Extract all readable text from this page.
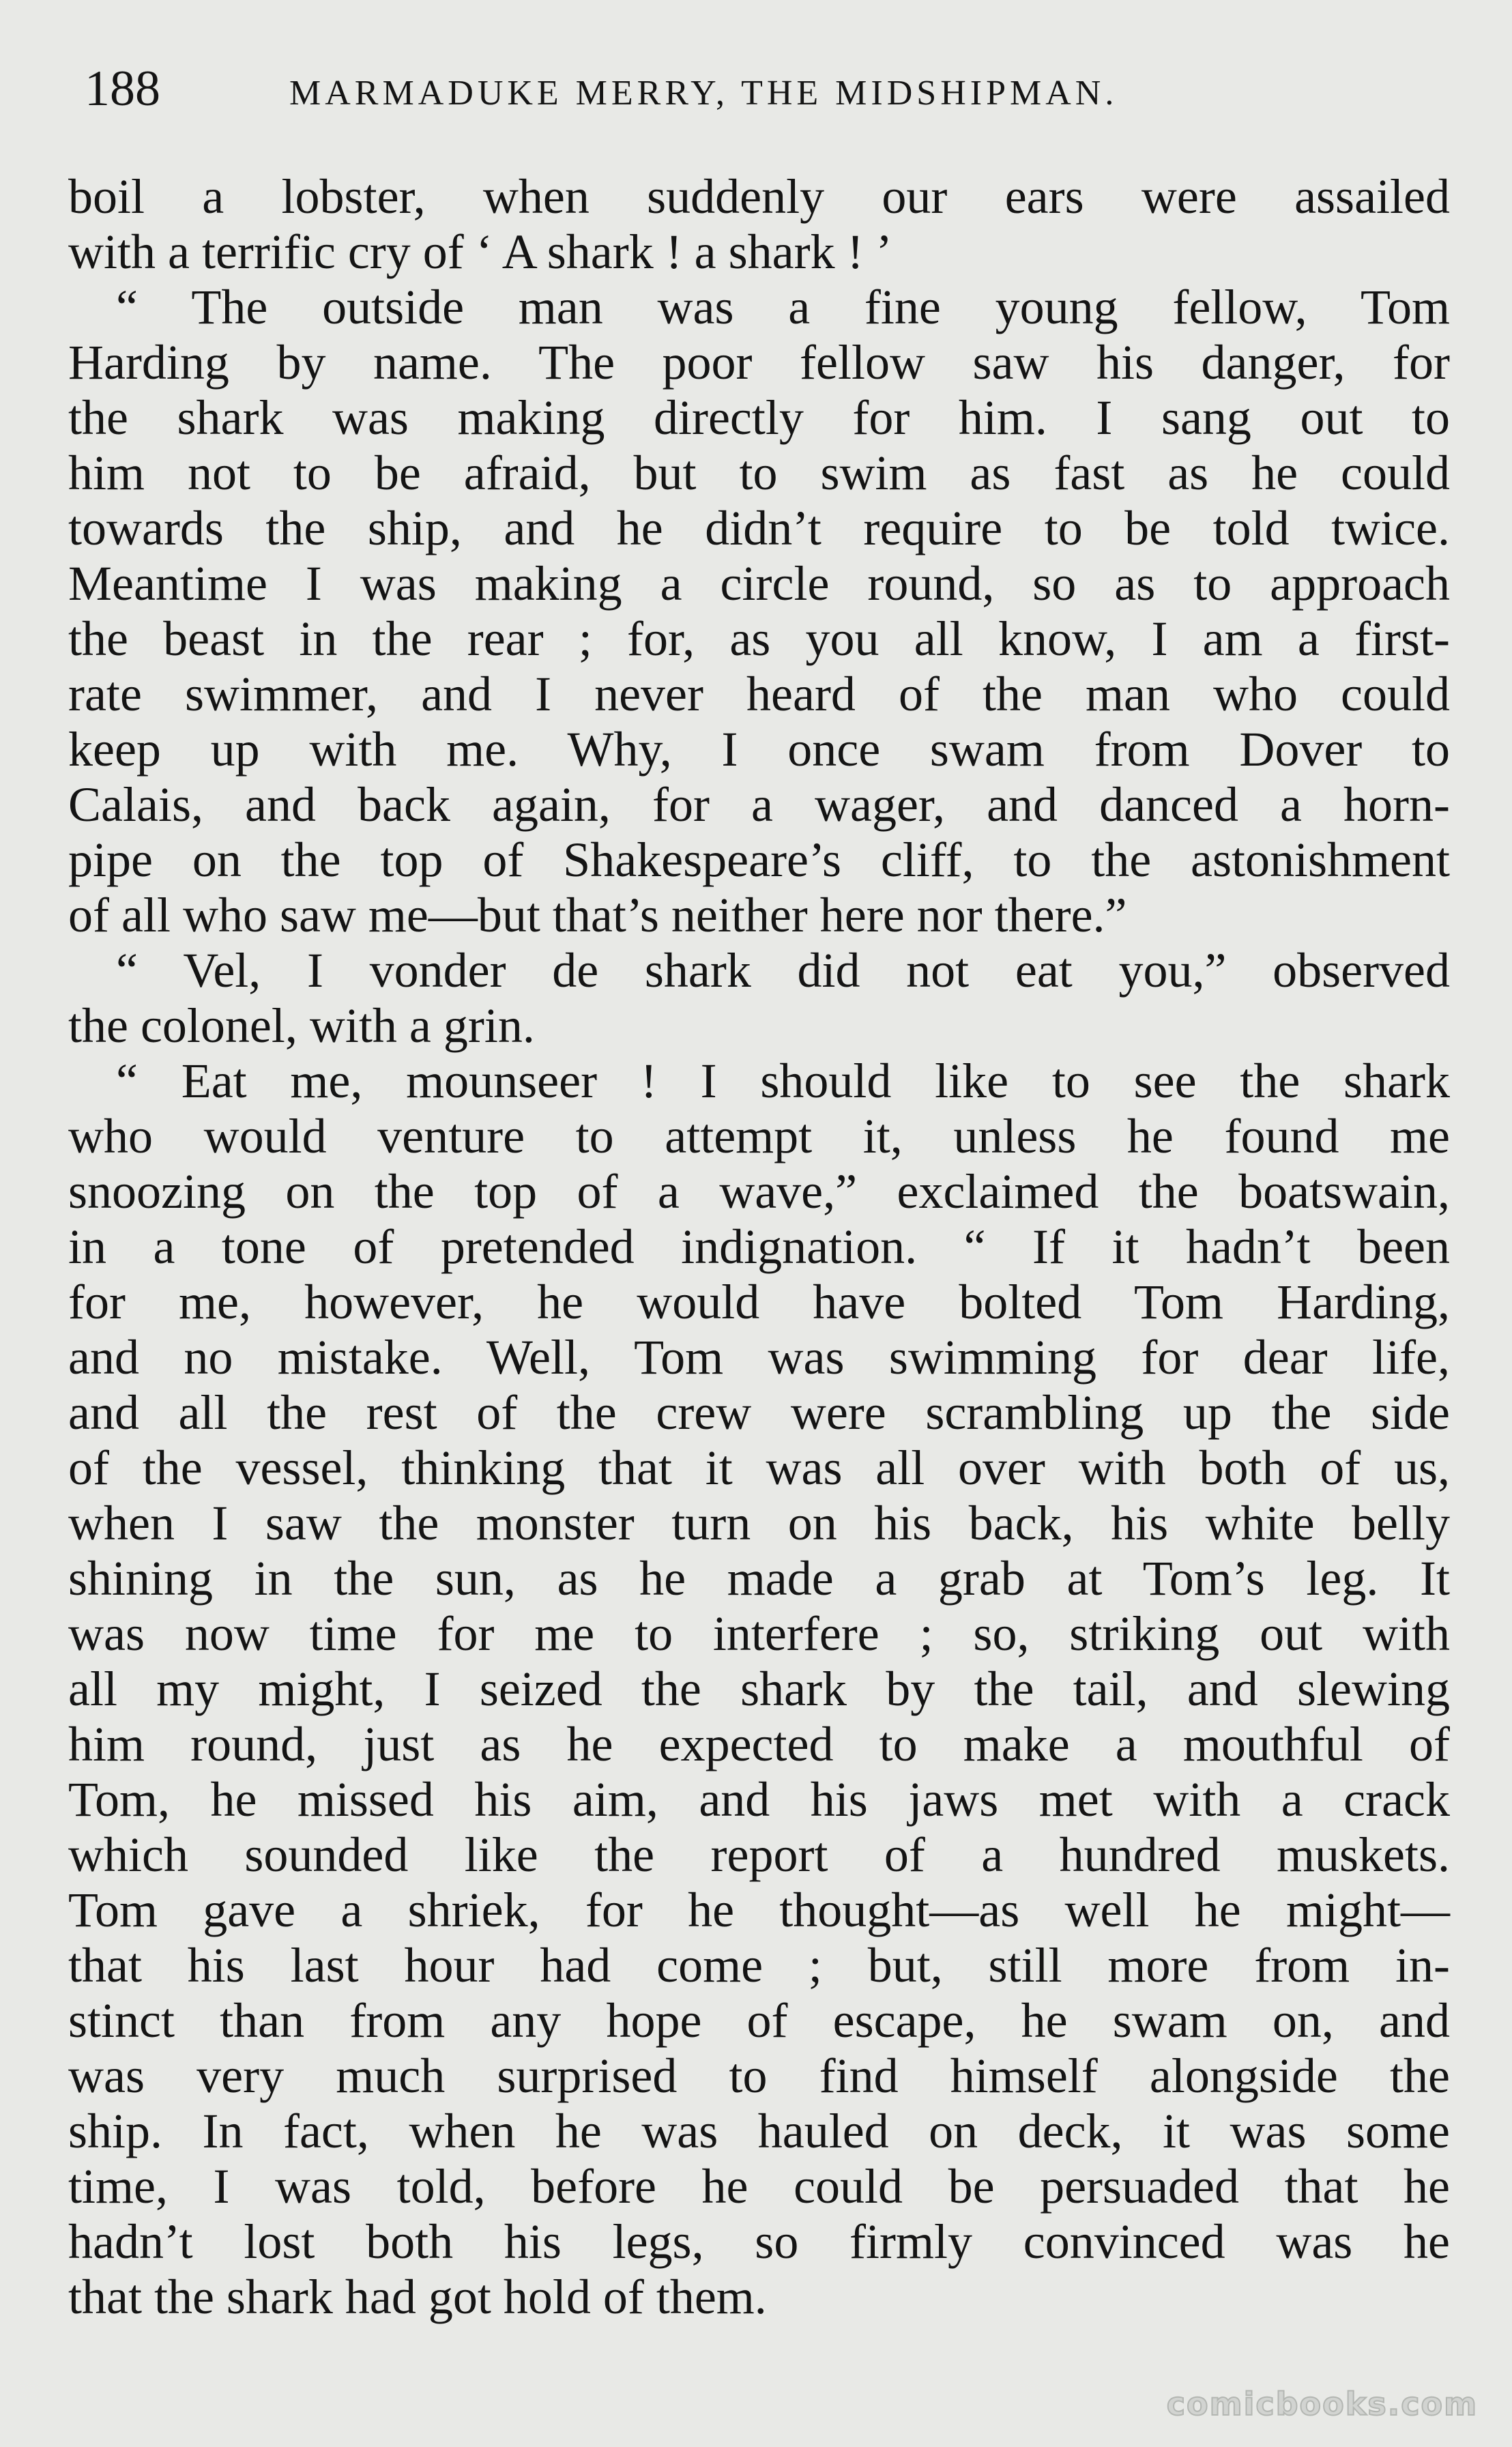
188	MARMADUKE MERRY, THE MIDSHIPMAN.
boil a lobster, when suddenly our ears were assailed
with a terrific cry of ‘ A shark ! a shark ! ’
“ The outside man was a fine young fellow, Tom
Harding by name. The poor fellow saw his danger, for
the shark was making directly for him. I sang out to
him not to be afraid, but to swim as fast as he could
towards the ship, and he didn’t require to be told twice.
Meantime I was making a circle round, so as to approach
the beast in the rear ; for, as you all know, I am a first-
rate swimmer, and I never heard of the man who could
keep up with me. Why, I once swam from Dover to
Calais, and back again, for a wager, and danced a horn-
pipe on the top of Shakespeare’s cliff, to the astonishment
of all who saw me—but that’s neither here nor there.”
“ Vel, I vonder de shark did not eat you,” observed
the colonel, with a grin.
“ Eat me, mounseer ! I should like to see the shark
who would venture to attempt it, unless he found me
snoozing on the top of a wave,” exclaimed the boatswain,
in a tone of pretended indignation. “ If it hadn’t been
for me, however, he would have bolted Tom Harding,
and no mistake. Well, Tom was swimming for dear life,
and all the rest of the crew were scrambling up the side
of the vessel, thinking that it was all over with both of us,
when I saw the monster turn on his back, his white belly
shining in the sun, as he made a grab at Tom’s leg. It
was now time for me to interfere ; so, striking out with
all my might, I seized the shark by the tail, and slewing
him round, just as he expected to make a mouthful of
Tom, he missed his aim, and his jaws met with a crack
which sounded like the report of a hundred muskets.
Tom gave a shriek, for he thought—as well he might—
that his last hour had come ; but, still more from in-
stinct than from any hope of escape, he swam on, and
was very much surprised to find himself alongside the
ship. In fact, when he was hauled on deck, it was some
time, I was told, before he could be persuaded that he
hadn’t lost both his legs, so firmly convinced was he
that the shark had got hold of them.
comicbooks.com
